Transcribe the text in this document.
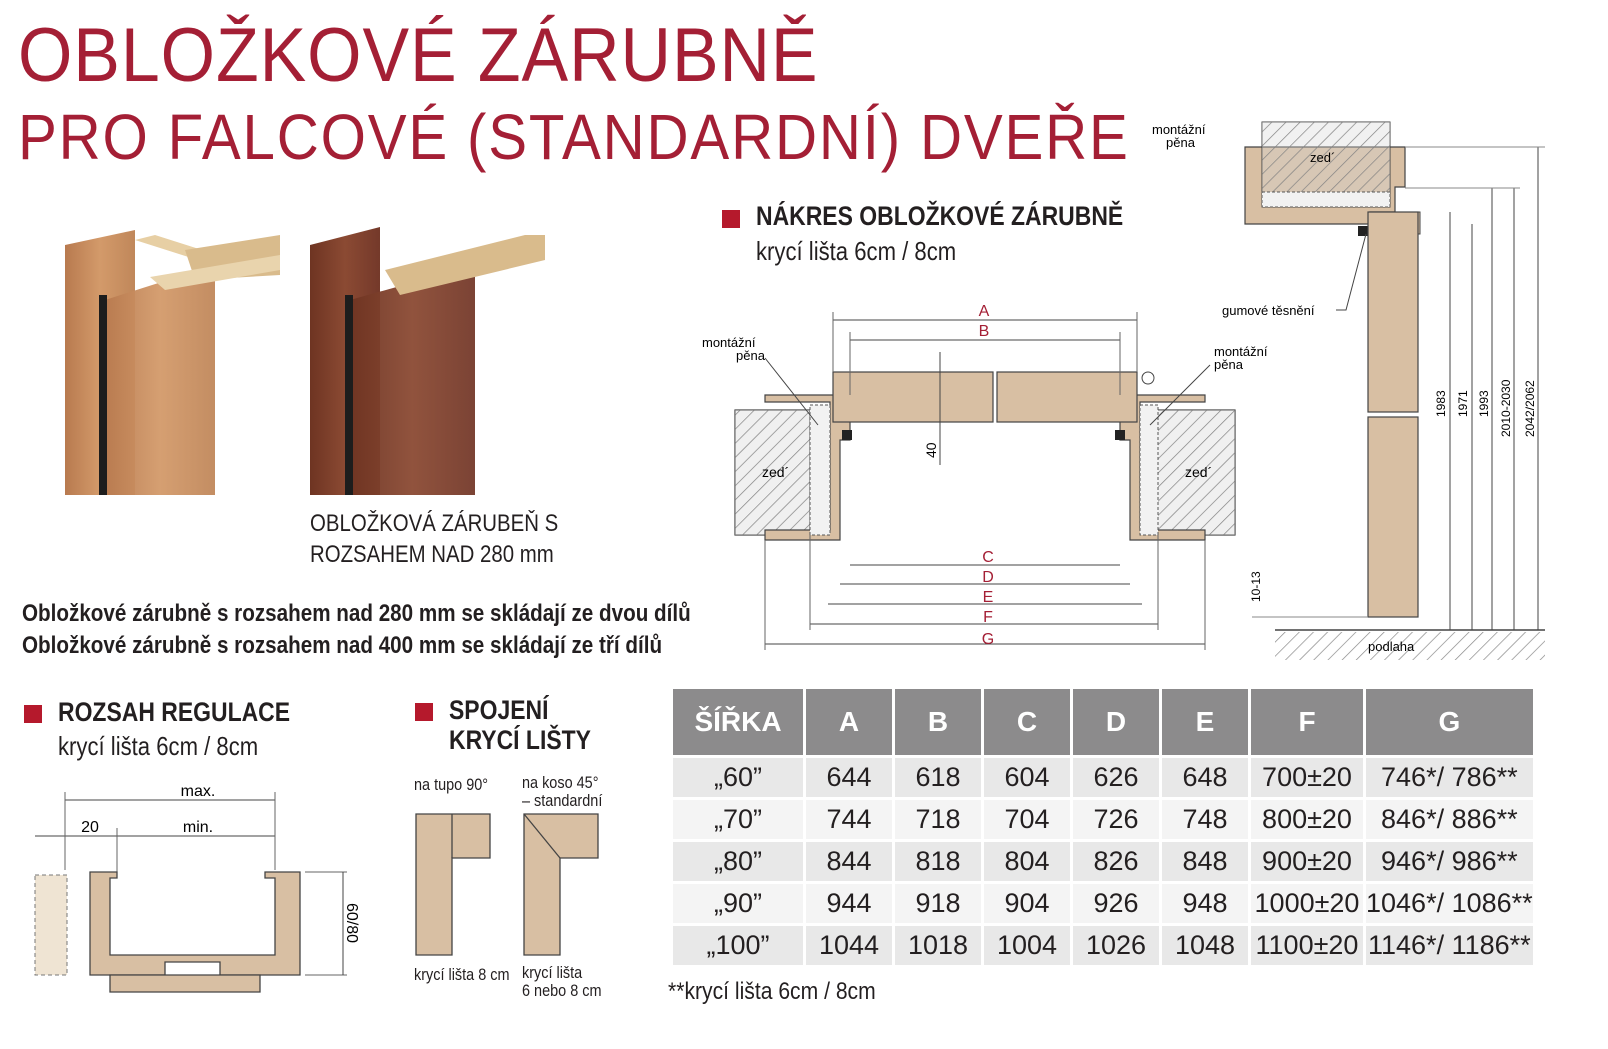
OBLOŽKOVÉ ZÁRUBNĚ
PRO FALCOVÉ (STANDARDNÍ) DVEŘE
OBLOŽKOVÁ ZÁRUBEŇ S
ROZSAHEM NAD 280 mm
Obložkové zárubně s rozsahem nad 280 mm se skládají ze dvou dílů
Obložkové zárubně s rozsahem nad 400 mm se skládají ze tří dílů
NÁKRES OBLOŽKOVÉ ZÁRUBNĚ
krycí lišta 6cm / 8cm
zed´	zed´
40
A
B
C
D
E
F
G
montážní
pěna	montážní
pěna
montážní
pěna
zed´
gumové těsnění
1983 1971 1993 2010-2030 2042/2062
10-13
podlaha
ROZSAH REGULACE
krycí lišta 6cm / 8cm
max.
20	min.
60/80
SPOJENÍ
KRYCÍ LIŠTY
na tupo 90° na koso 45°
– standardní
krycí lišta 8 cm krycí lišta
6 nebo 8 cm
ŠÍŘKA	A	B	C	D	E	F	G
„60”	644	618	604	626	648	700±20	746*/ 786**
„70”	744	718	704	726	748	800±20	846*/ 886**
„80”	844	818	804	826	848	900±20	946*/ 986**
„90”	944	918	904	926	948	1000±20	1046*/ 1086**
„100”	1044	1018	1004	1026	1048	1100±20	1146*/ 1186**
**krycí lišta 6cm / 8cm
